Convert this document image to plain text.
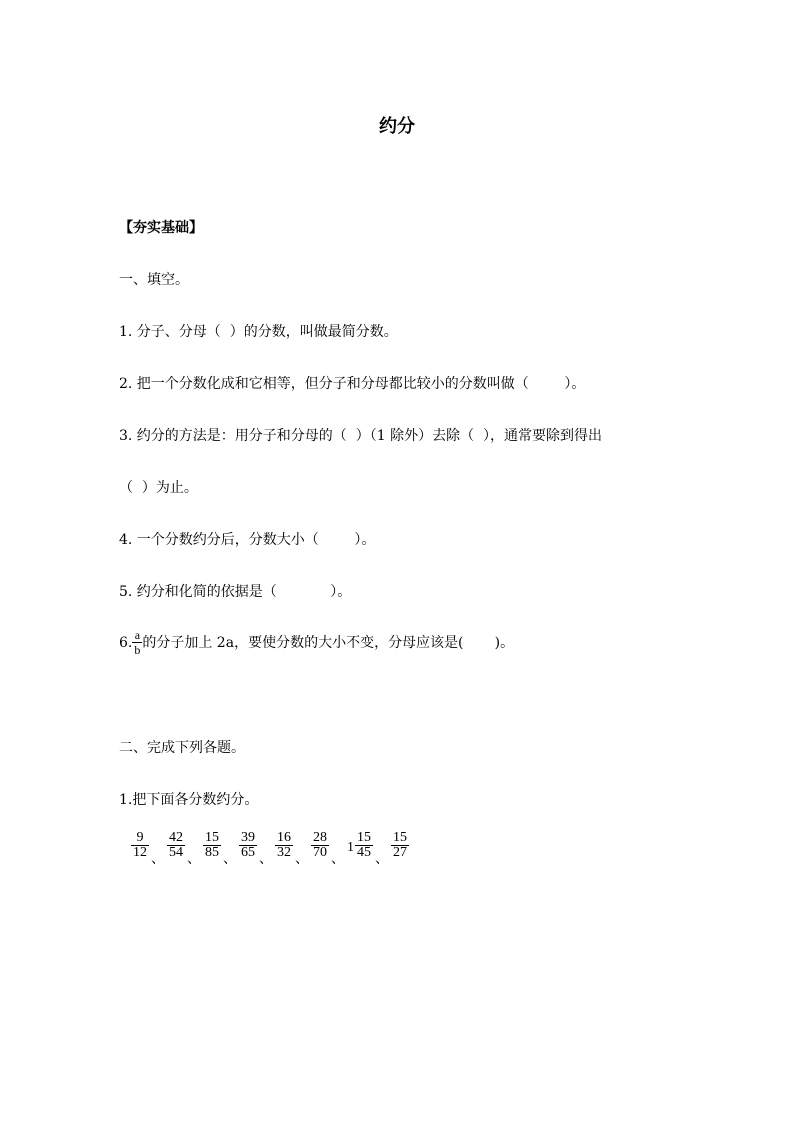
约分
【夯实基础】
一、填空。
1. 分子、分母（  ）的分数，叫做最简分数。
2. 把一个分数化成和它相等，但分子和分母都比较小的分数叫做（        ）。
3. 约分的方法是：用分子和分母的（  ）（1 除外）去除（  ），通常要除到得出
（  ）为止。
4. 一个分数约分后，分数大小（        ）。
5. 约分和化简的依据是（            ）。
6. $\frac{a}{b}$ 的分子加上 2a，要使分数的大小不变，分母应该是(       )。
二、完成下列各题。
1.把下面各分数约分。
$\frac{9}{12}$ 、 $\frac{42}{54}$ 、 $\frac{15}{85}$ 、 $\frac{39}{65}$ 、 $\frac{16}{32}$ 、 $\frac{28}{70}$ 、
$1 \frac{15}{45}$ 、 $\frac{15}{27}$
